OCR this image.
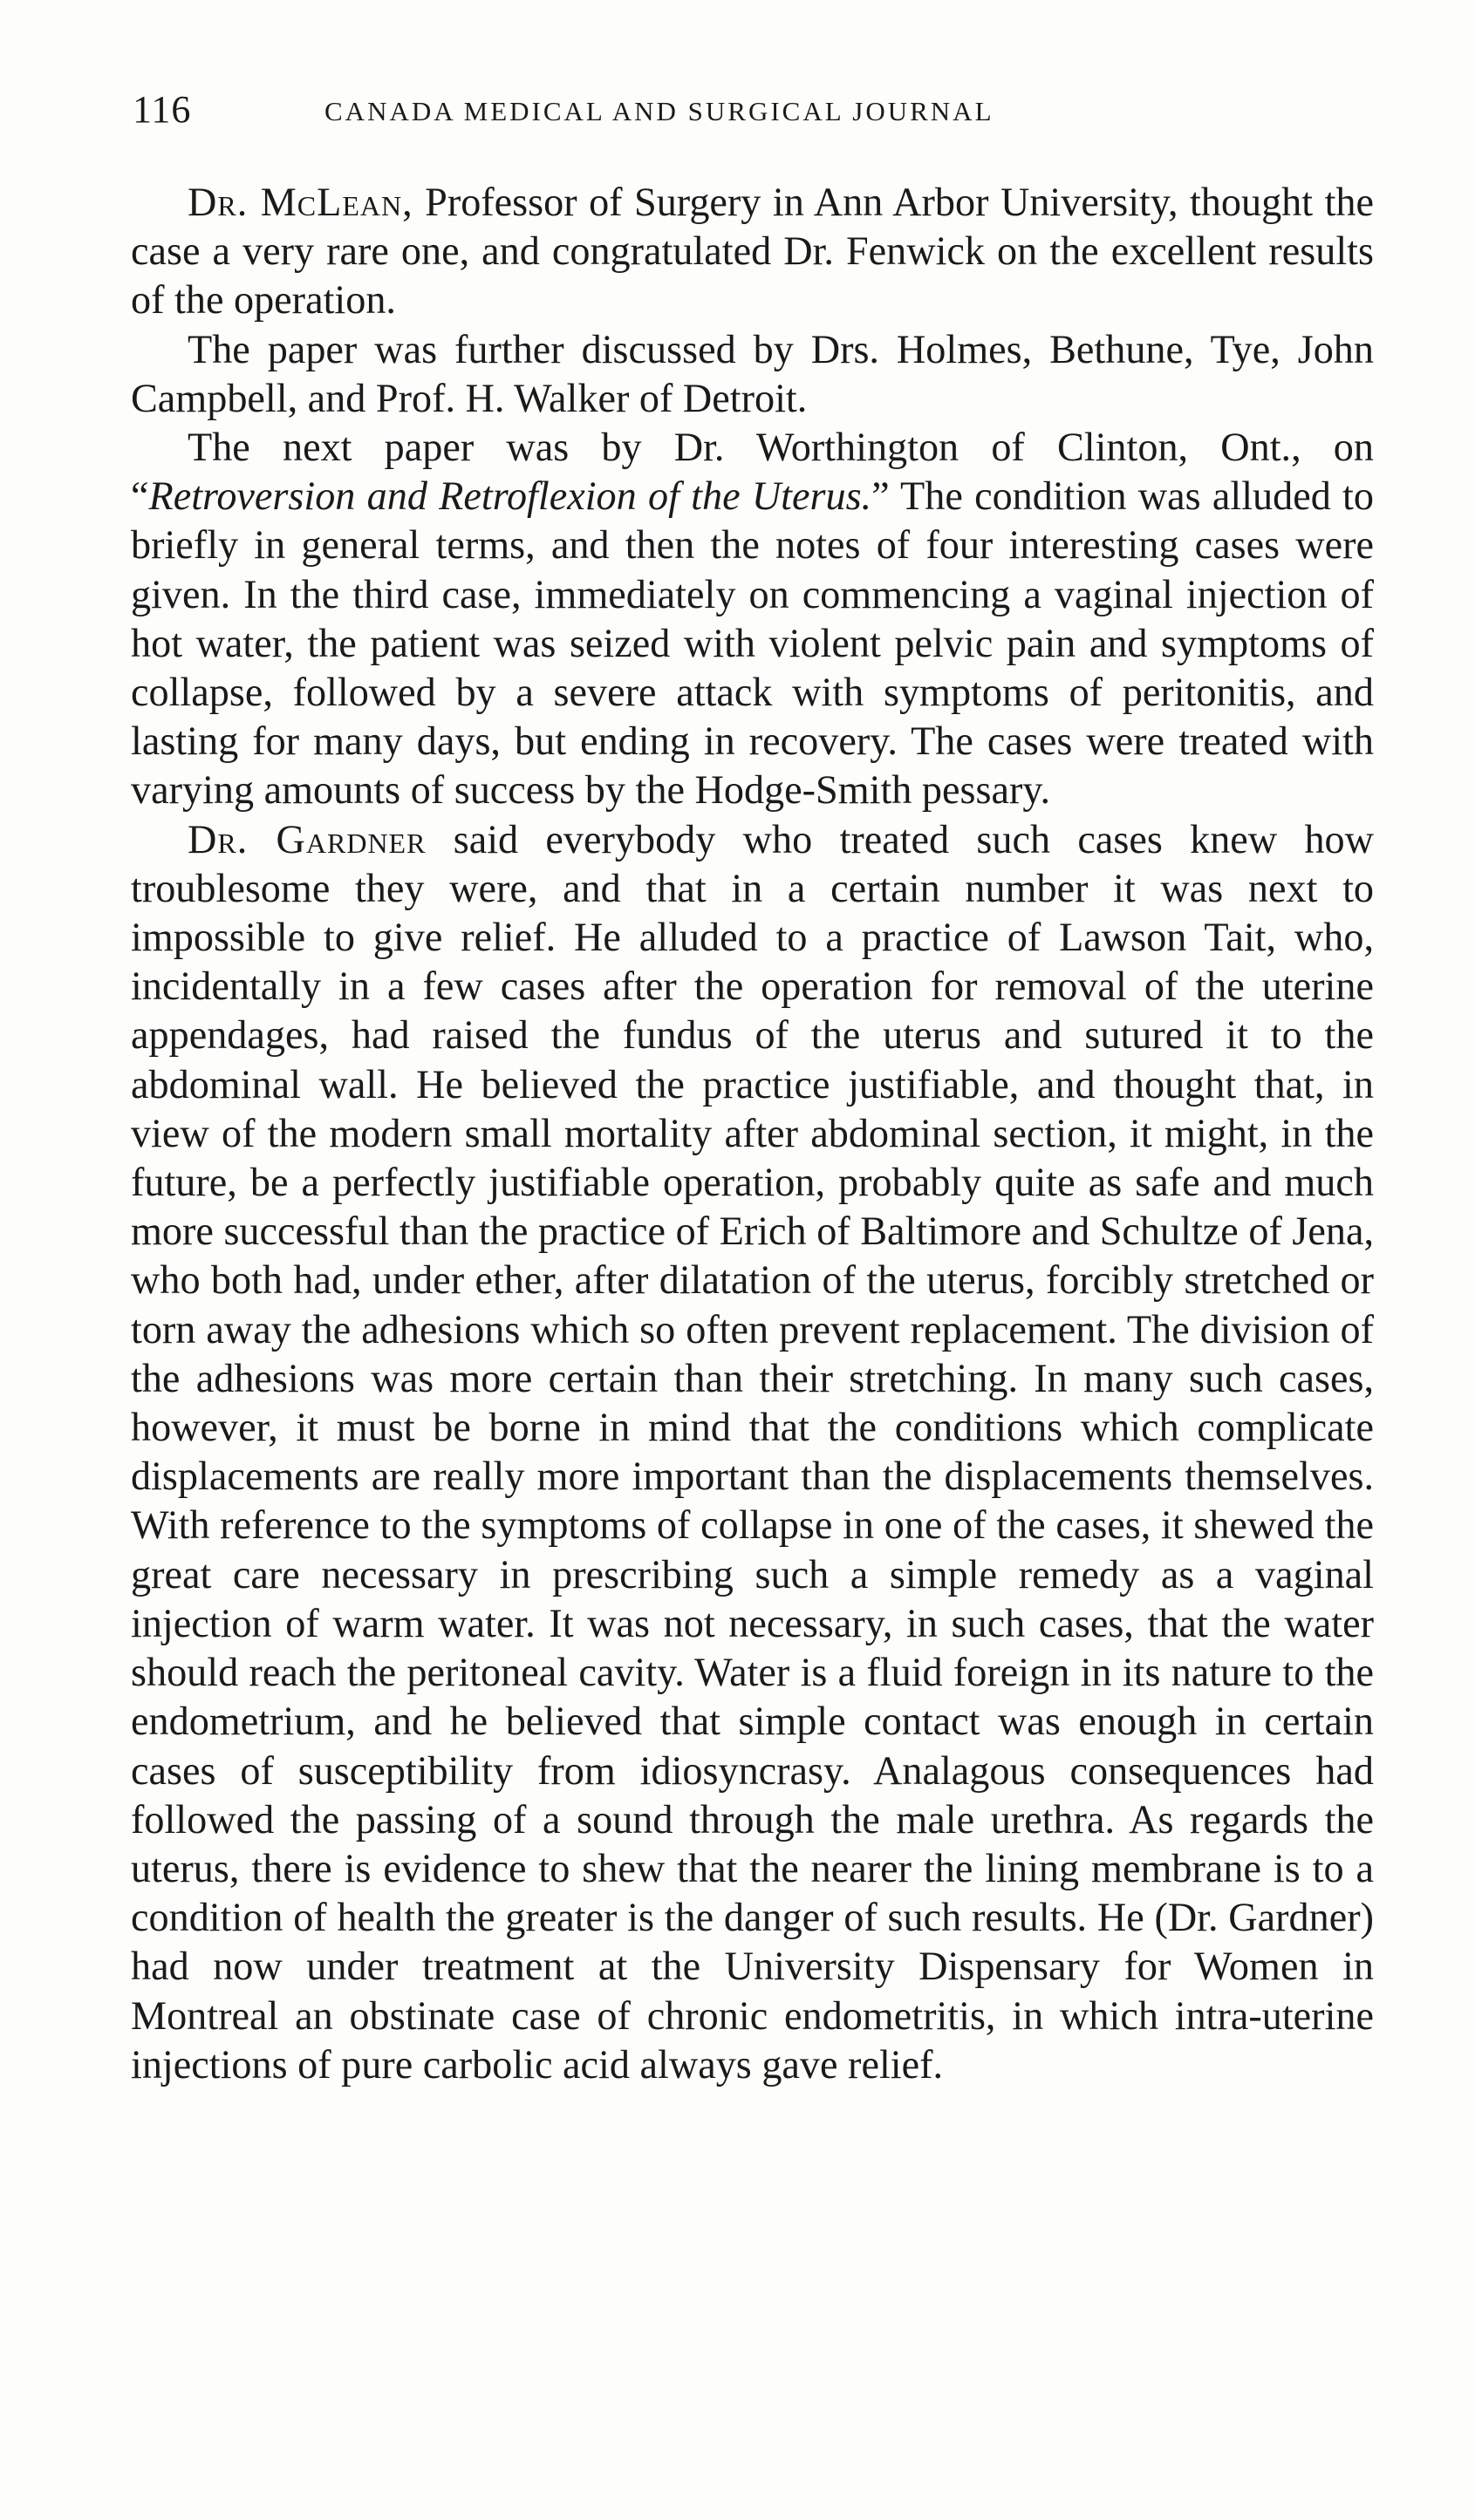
116	CANADA MEDICAL AND SURGICAL JOURNAL

Dr. McLean, Professor of Surgery in Ann Arbor University, thought the case a very rare one, and congratulated Dr. Fenwick on the excellent results of the operation.

The paper was further discussed by Drs. Holmes, Bethune, Tye, John Campbell, and Prof. H. Walker of Detroit.

The next paper was by Dr. Worthington of Clinton, Ont., on “Retroversion and Retroflexion of the Uterus.” The condition was alluded to briefly in general terms, and then the notes of four interesting cases were given. In the third case, immediately on commencing a vaginal injection of hot water, the patient was seized with violent pelvic pain and symptoms of collapse, followed by a severe attack with symptoms of peritonitis, and lasting for many days, but ending in recovery. The cases were treated with varying amounts of success by the Hodge-Smith pessary.

Dr. Gardner said everybody who treated such cases knew how troublesome they were, and that in a certain number it was next to impossible to give relief. He alluded to a practice of Lawson Tait, who, incidentally in a few cases after the operation for removal of the uterine appendages, had raised the fundus of the uterus and sutured it to the abdominal wall. He believed the practice justifiable, and thought that, in view of the modern small mortality after abdominal section, it might, in the future, be a perfectly justifiable operation, probably quite as safe and much more successful than the practice of Erich of Baltimore and Schultze of Jena, who both had, under ether, after dilatation of the uterus, forcibly stretched or torn away the adhesions which so often prevent replacement. The division of the adhesions was more certain than their stretching. In many such cases, however, it must be borne in mind that the conditions which complicate displacements are really more important than the displacements themselves. With reference to the symptoms of collapse in one of the cases, it shewed the great care necessary in prescribing such a simple remedy as a vaginal injection of warm water. It was not necessary, in such cases, that the water should reach the peritoneal cavity. Water is a fluid foreign in its nature to the endometrium, and he believed that simple contact was enough in certain cases of susceptibility from idiosyncrasy. Analagous consequences had followed the passing of a sound through the male urethra. As regards the uterus, there is evidence to shew that the nearer the lining membrane is to a condition of health the greater is the danger of such results. He (Dr. Gardner) had now under treatment at the University Dispensary for Women in Montreal an obstinate case of chronic endometritis, in which intra-uterine injections of pure carbolic acid always gave relief.
